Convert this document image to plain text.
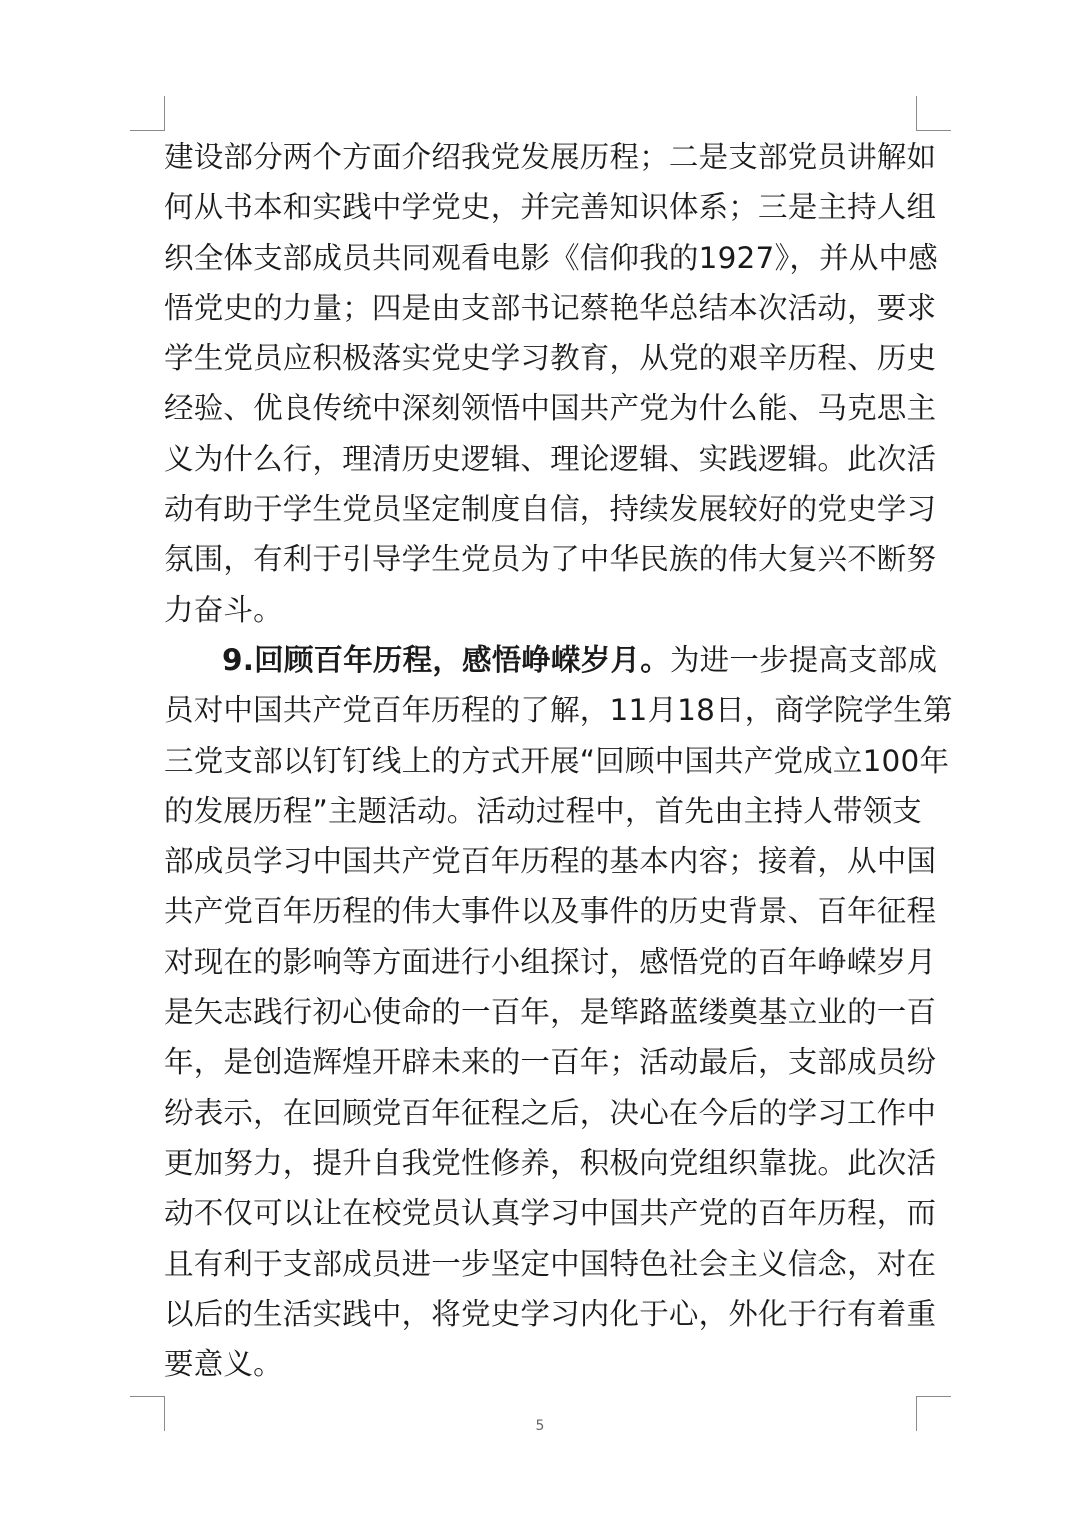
建设部分两个方面介绍我党发展历程；二是支部党员讲解如
何从书本和实践中学党史，并完善知识体系；三是主持人组
织全体支部成员共同观看电影《信仰我的1927》，并从中感
悟党史的力量；四是由支部书记蔡艳华总结本次活动，要求
学生党员应积极落实党史学习教育，从党的艰辛历程、历史
经验、优良传统中深刻领悟中国共产党为什么能、马克思主
义为什么行，理清历史逻辑、理论逻辑、实践逻辑。此次活
动有助于学生党员坚定制度自信，持续发展较好的党史学习
氛围，有利于引导学生党员为了中华民族的伟大复兴不断努
力奋斗。
9.回顾百年历程，感悟峥嵘岁月。为进一步提高支部成
员对中国共产党百年历程的了解，11月18日，商学院学生第
三党支部以钉钉线上的方式开展“回顾中国共产党成立100年
的发展历程”主题活动。活动过程中，首先由主持人带领支
部成员学习中国共产党百年历程的基本内容；接着，从中国
共产党百年历程的伟大事件以及事件的历史背景、百年征程
对现在的影响等方面进行小组探讨，感悟党的百年峥嵘岁月
是矢志践行初心使命的一百年，是筚路蓝缕奠基立业的一百
年，是创造辉煌开辟未来的一百年；活动最后，支部成员纷
纷表示，在回顾党百年征程之后，决心在今后的学习工作中
更加努力，提升自我党性修养，积极向党组织靠拢。此次活
动不仅可以让在校党员认真学习中国共产党的百年历程，而
且有利于支部成员进一步坚定中国特色社会主义信念，对在
以后的生活实践中，将党史学习内化于心，外化于行有着重
要意义。
5
